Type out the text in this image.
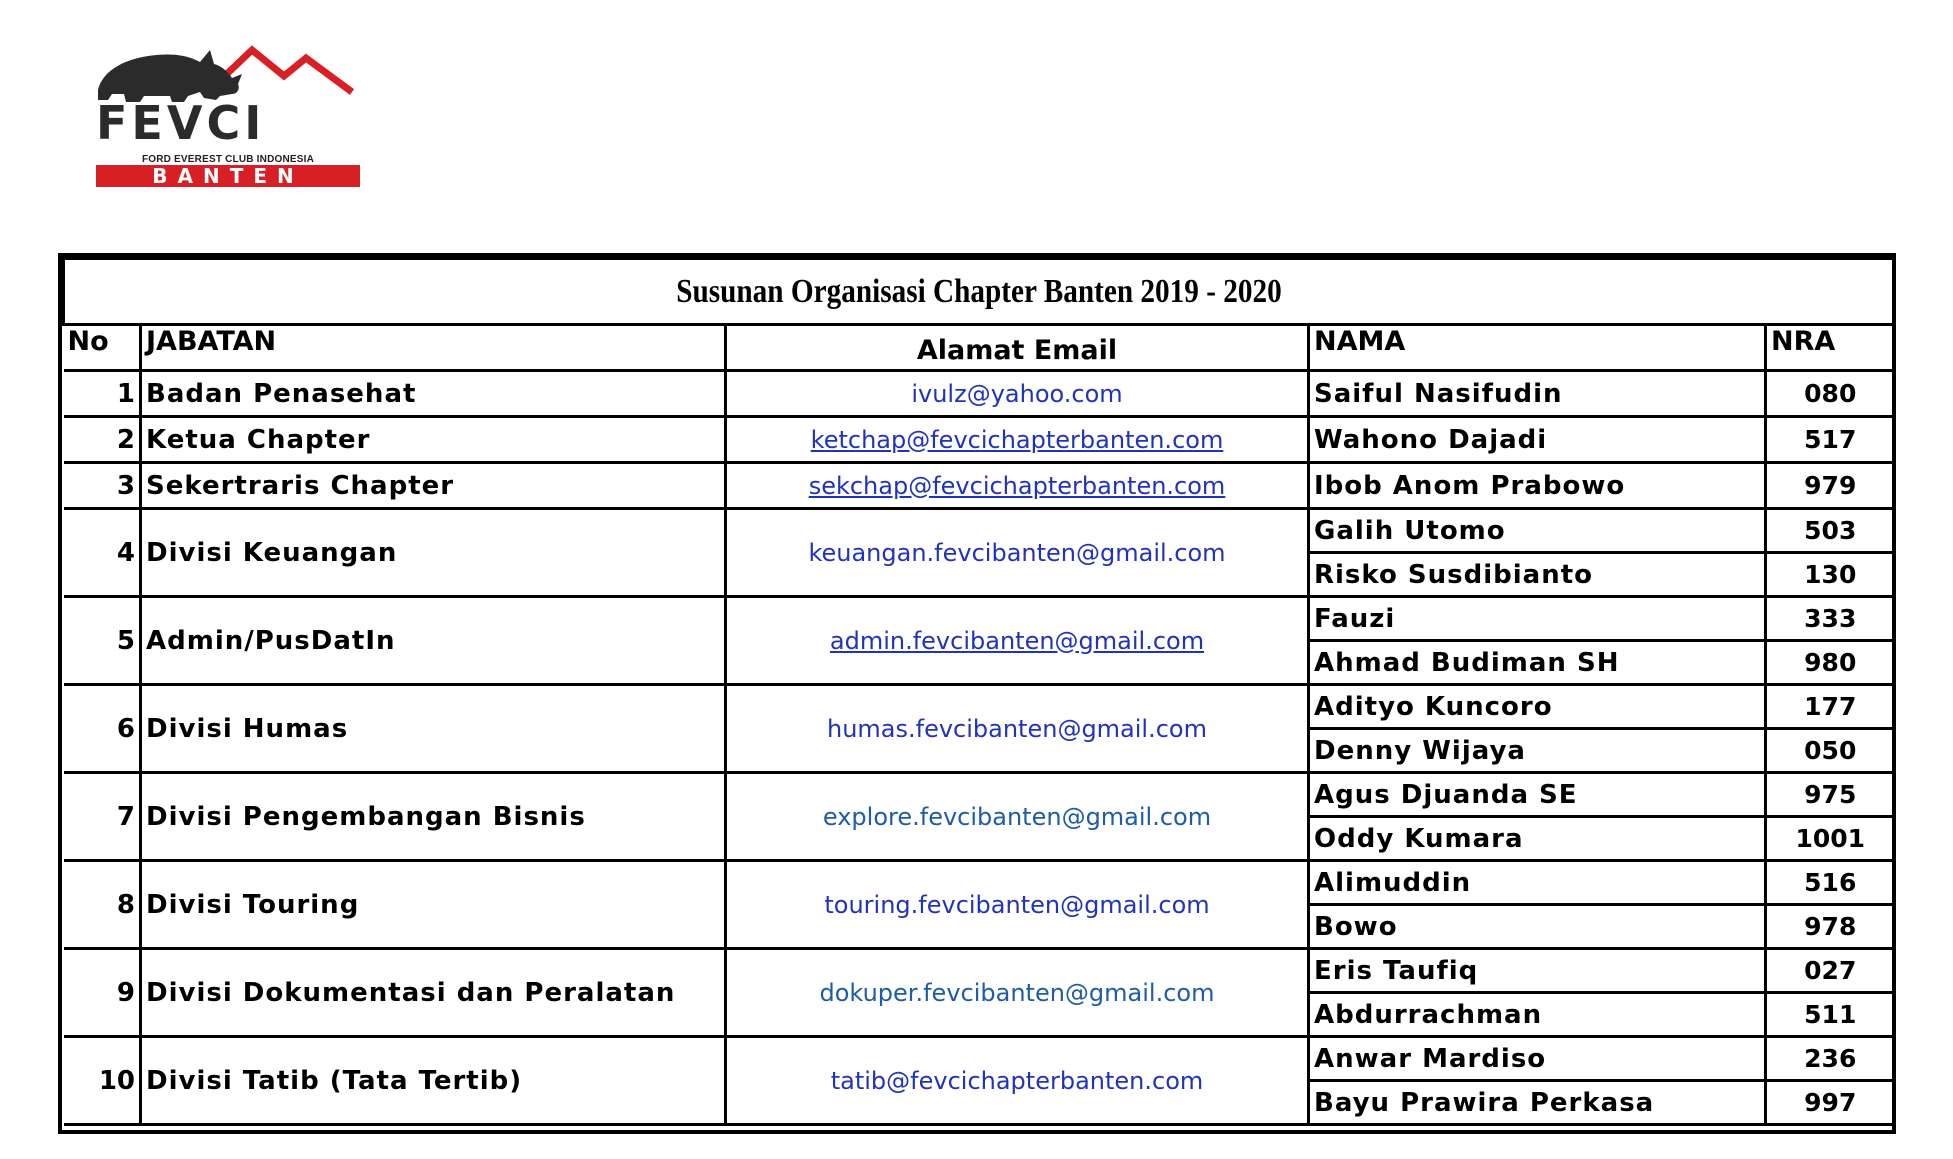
FEVCI
FORD EVEREST CLUB INDONESIA
BANTEN
Susunan Organisasi Chapter Banten 2019 - 2020				
No	JABATAN	Alamat Email	NAMA	NRA
1	Badan Penasehat	ivulz@yahoo.com	Saiful Nasifudin	080
2	Ketua Chapter	ketchap@fevcichapterbanten.com	Wahono Dajadi	517
3	Sekertraris Chapter	sekchap@fevcichapterbanten.com	Ibob Anom Prabowo	979
4	Divisi Keuangan	keuangan.fevcibanten@gmail.com	Galih Utomo	503
			Risko Susdibianto	130
5	Admin/PusDatIn	admin.fevcibanten@gmail.com	Fauzi	333
			Ahmad Budiman SH	980
6	Divisi Humas	humas.fevcibanten@gmail.com	Adityo Kuncoro	177
			Denny Wijaya	050
7	Divisi Pengembangan Bisnis	explore.fevcibanten@gmail.com	Agus Djuanda SE	975
			Oddy Kumara	1001
8	Divisi Touring	touring.fevcibanten@gmail.com	Alimuddin	516
			Bowo	978
9	Divisi Dokumentasi dan Peralatan	dokuper.fevcibanten@gmail.com	Eris Taufiq	027
			Abdurrachman	511
10	Divisi Tatib (Tata Tertib)	tatib@fevcichapterbanten.com	Anwar Mardiso	236
			Bayu Prawira Perkasa	997
